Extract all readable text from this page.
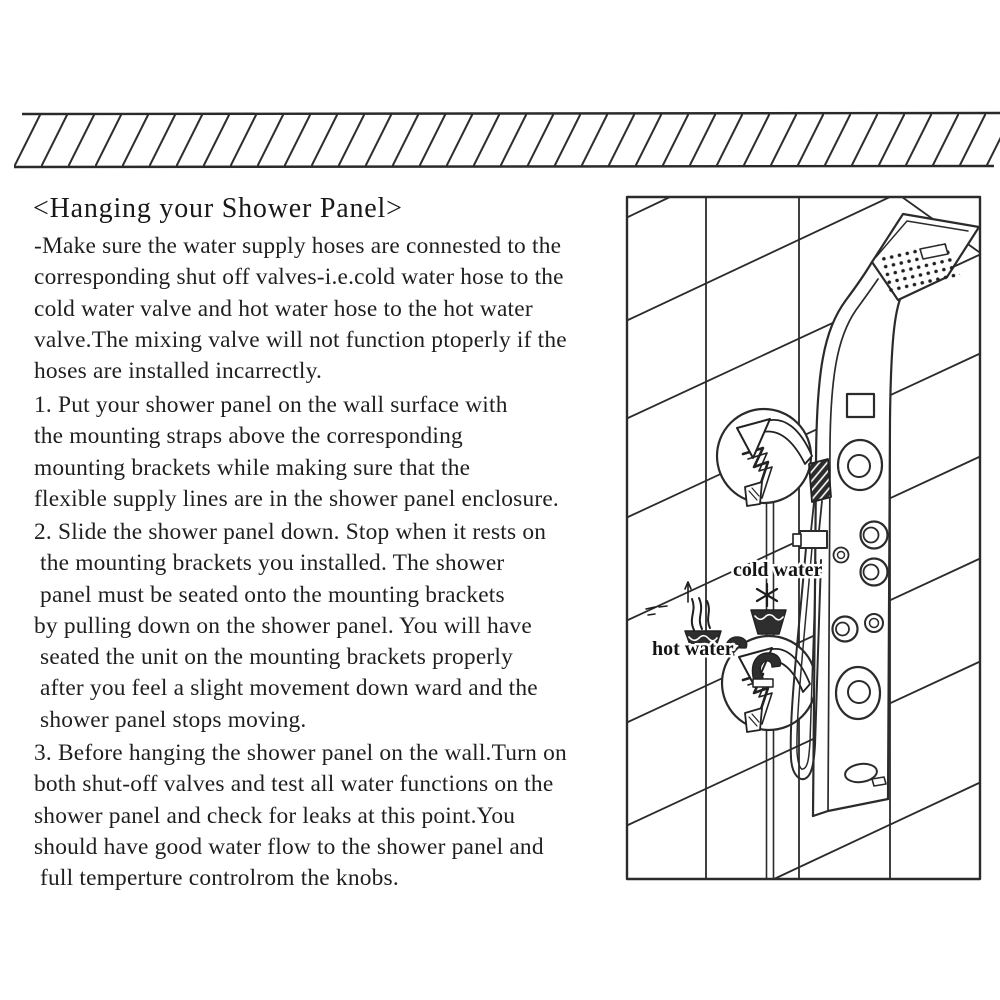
<Hanging your Shower Panel>
-Make sure the water supply hoses are connested to the
corresponding shut off valves-i.e.cold water hose to the
cold water valve and hot water hose to the hot water
valve.The mixing valve will not function ptoperly if the
hoses are installed incarrectly.
1. Put your shower panel on the wall surface with
the mounting straps above the corresponding
mounting brackets while making sure that the
flexible supply lines are in the shower panel enclosure.
2. Slide the shower panel down. Stop when it rests on
the mounting brackets you installed. The shower
panel must be seated onto the mounting brackets
by pulling down on the shower panel. You will have
seated the unit on the mounting brackets properly
after you feel a slight movement down ward and the
shower panel stops moving.
3. Before hanging the shower panel on the wall.Turn on
both shut-off valves and test all water functions on the
shower panel and check for leaks at this point.You
should have good water flow to the shower panel and
full temperture controlrom the knobs.
cold water
hot water
